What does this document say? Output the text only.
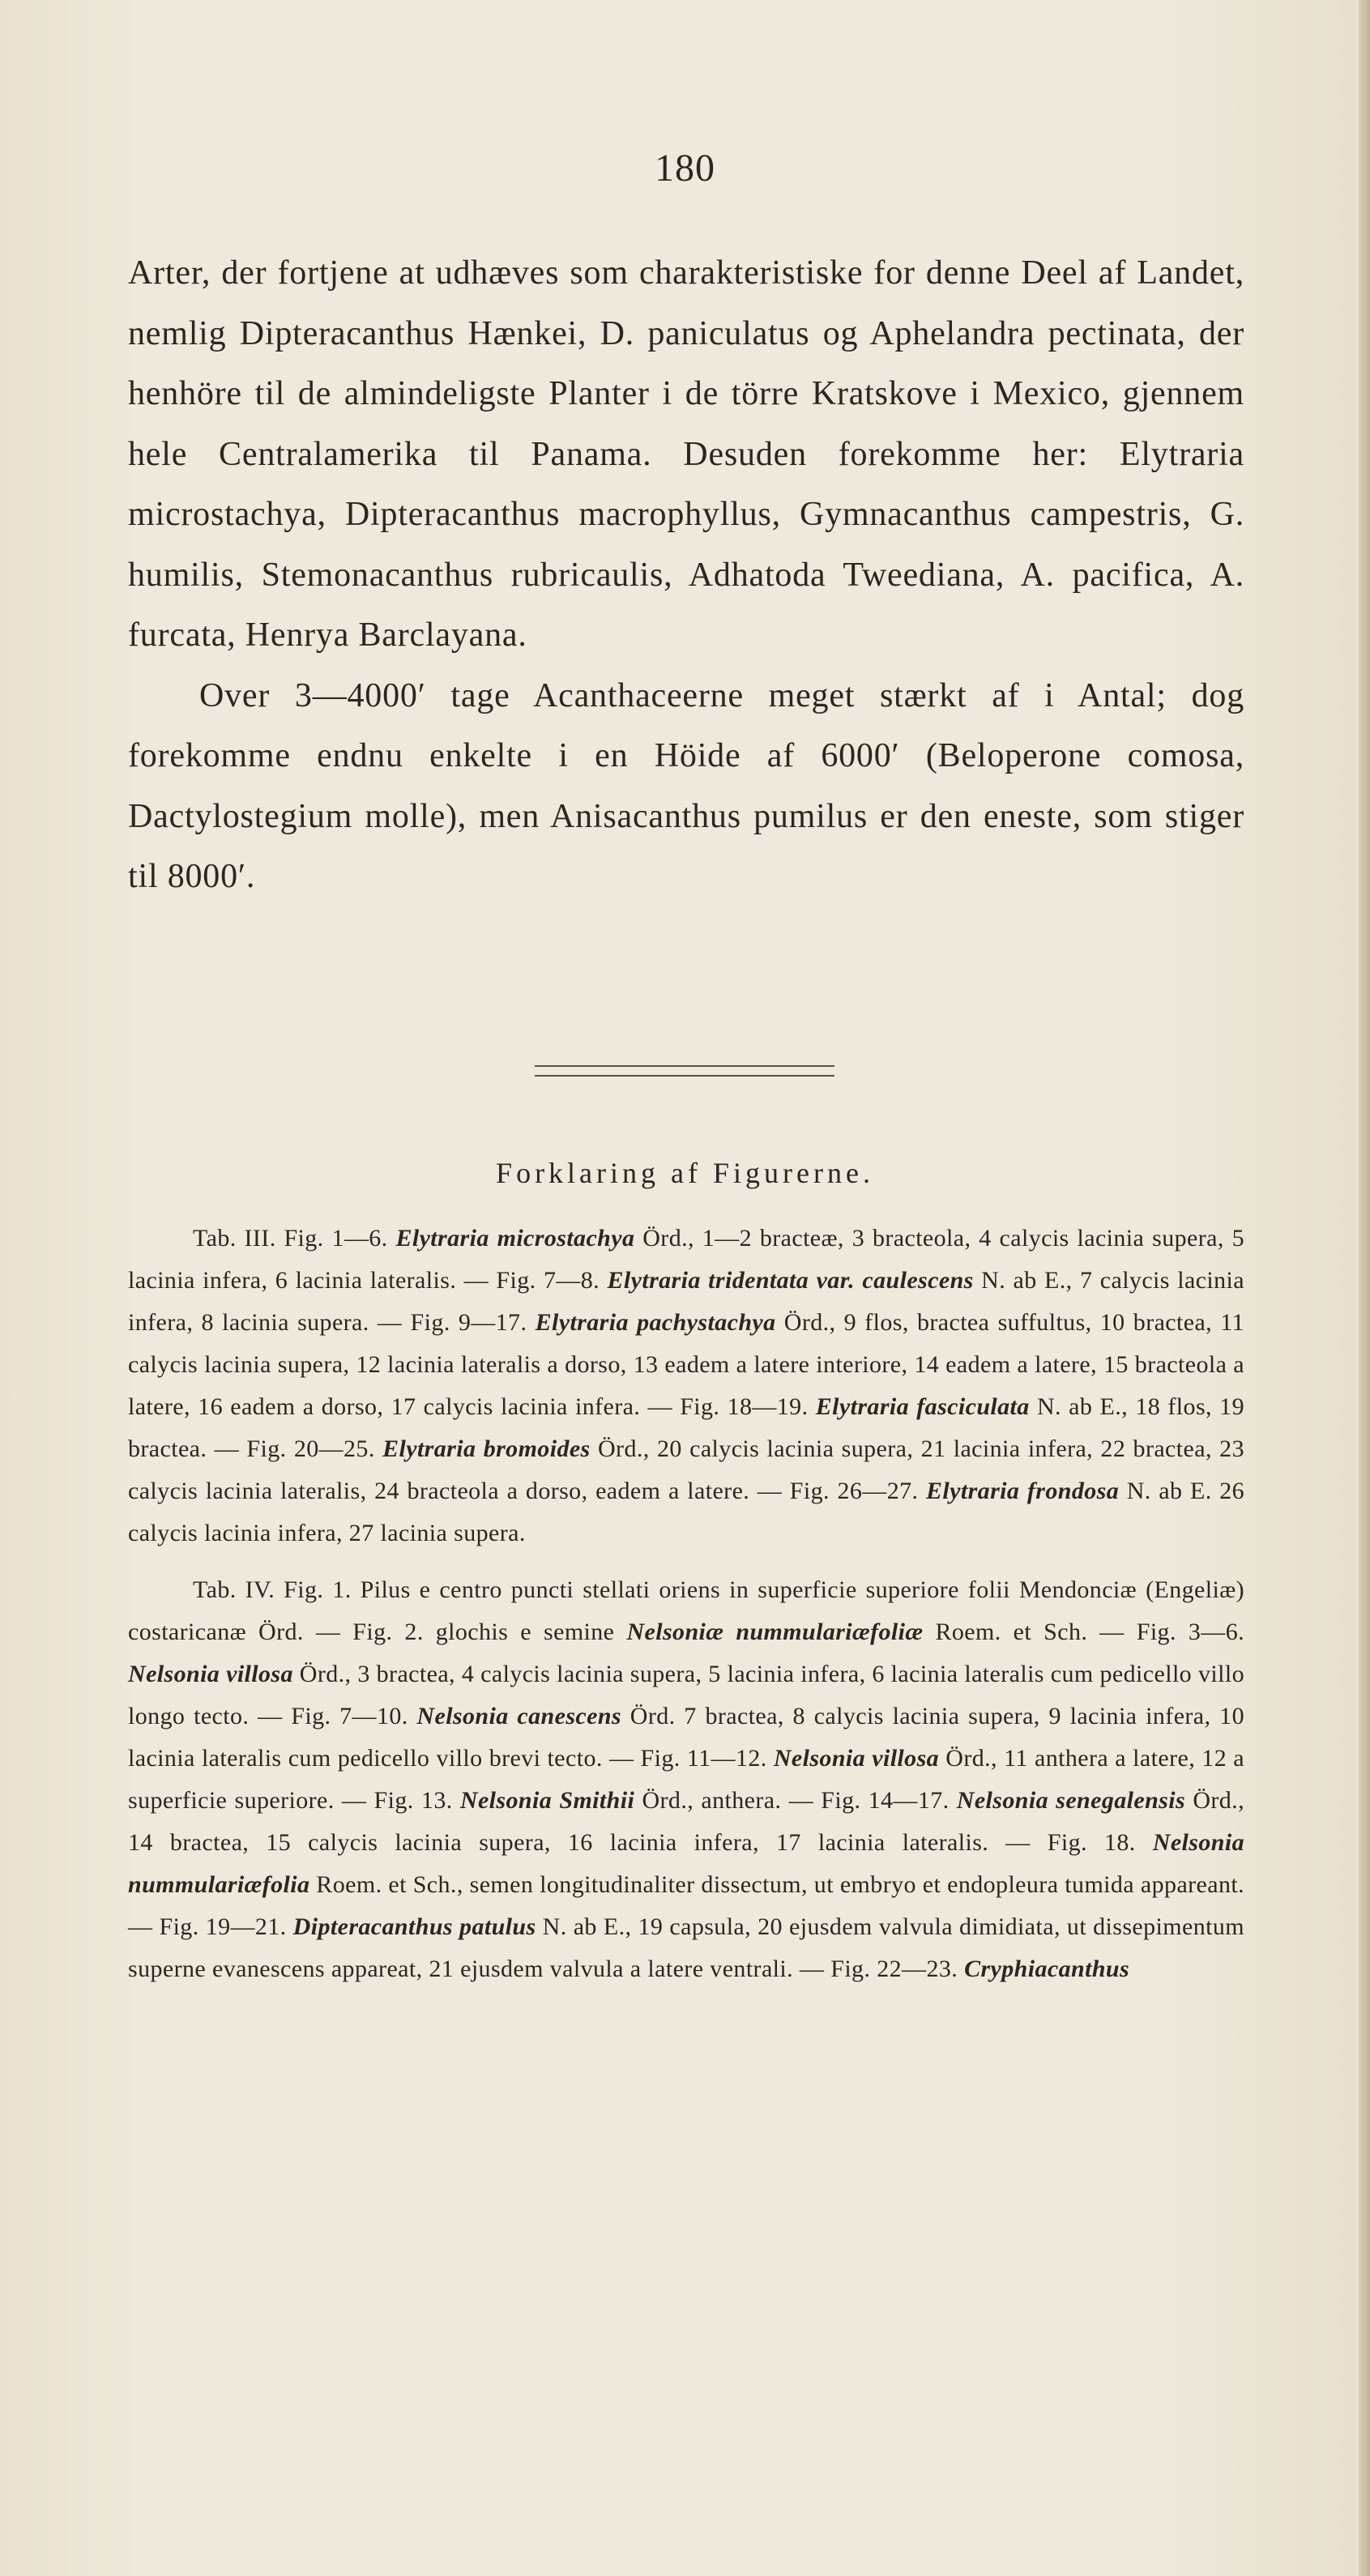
180

Arter, der fortjene at udhæves som charakteristiske for denne Deel af Landet, nemlig Dipteracanthus Hænkei, D. paniculatus og Aphelandra pectinata, der henhöre til de almindeligste Planter i de törre Kratskove i Mexico, gjennem hele Centralamerika til Panama. Desuden forekomme her: Elytraria microstachya, Dipteracanthus macrophyllus, Gymnacanthus campestris, G. humilis, Stemonacanthus rubricaulis, Adhatoda Tweediana, A. pacifica, A. furcata, Henrya Barclayana.

Over 3—4000′ tage Acanthaceerne meget stærkt af i Antal; dog forekomme endnu enkelte i en Höide af 6000′ (Beloperone comosa, Dactylostegium molle), men Anisacanthus pumilus er den eneste, som stiger til 8000′.

Forklaring af Figurerne.

Tab. III. Fig. 1—6. Elytraria microstachya Örd., 1—2 bracteæ, 3 bracteola, 4 calycis lacinia supera, 5 lacinia infera, 6 lacinia lateralis. — Fig. 7—8. Elytraria tridentata var. caulescens N. ab E., 7 calycis lacinia infera, 8 lacinia supera. — Fig. 9—17. Elytraria pachystachya Örd., 9 flos, bractea suffultus, 10 bractea, 11 calycis lacinia supera, 12 lacinia lateralis a dorso, 13 eadem a latere interiore, 14 eadem a latere, 15 bracteola a latere, 16 eadem a dorso, 17 calycis lacinia infera. — Fig. 18—19. Elytraria fasciculata N. ab E., 18 flos, 19 bractea. — Fig. 20—25. Elytraria bromoides Örd., 20 calycis lacinia supera, 21 lacinia infera, 22 bractea, 23 calycis lacinia lateralis, 24 bracteola a dorso, eadem a latere. — Fig. 26—27. Elytraria frondosa N. ab E. 26 calycis lacinia infera, 27 lacinia supera.

Tab. IV. Fig. 1. Pilus e centro puncti stellati oriens in superficie superiore folii Mendonciæ (Engeliæ) costaricanæ Örd. — Fig. 2. glochis e semine Nelsoniæ nummulariæfoliæ Roem. et Sch. — Fig. 3—6. Nelsonia villosa Örd., 3 bractea, 4 calycis lacinia supera, 5 lacinia infera, 6 lacinia lateralis cum pedicello villo longo tecto. — Fig. 7—10. Nelsonia canescens Örd. 7 bractea, 8 calycis lacinia supera, 9 lacinia infera, 10 lacinia lateralis cum pedicello villo brevi tecto. — Fig. 11—12. Nelsonia villosa Örd., 11 anthera a latere, 12 a superficie superiore. — Fig. 13. Nelsonia Smithii Örd., anthera. — Fig. 14—17. Nelsonia senegalensis Örd., 14 bractea, 15 calycis lacinia supera, 16 lacinia infera, 17 lacinia lateralis. — Fig. 18. Nelsonia nummulariæfolia Roem. et Sch., semen longitudinaliter dissectum, ut embryo et endopleura tumida appareant. — Fig. 19—21. Dipteracanthus patulus N. ab E., 19 capsula, 20 ejusdem valvula dimidiata, ut dissepimentum superne evanescens appareat, 21 ejusdem valvula a latere ventrali. — Fig. 22—23. Cryphiacanthus
